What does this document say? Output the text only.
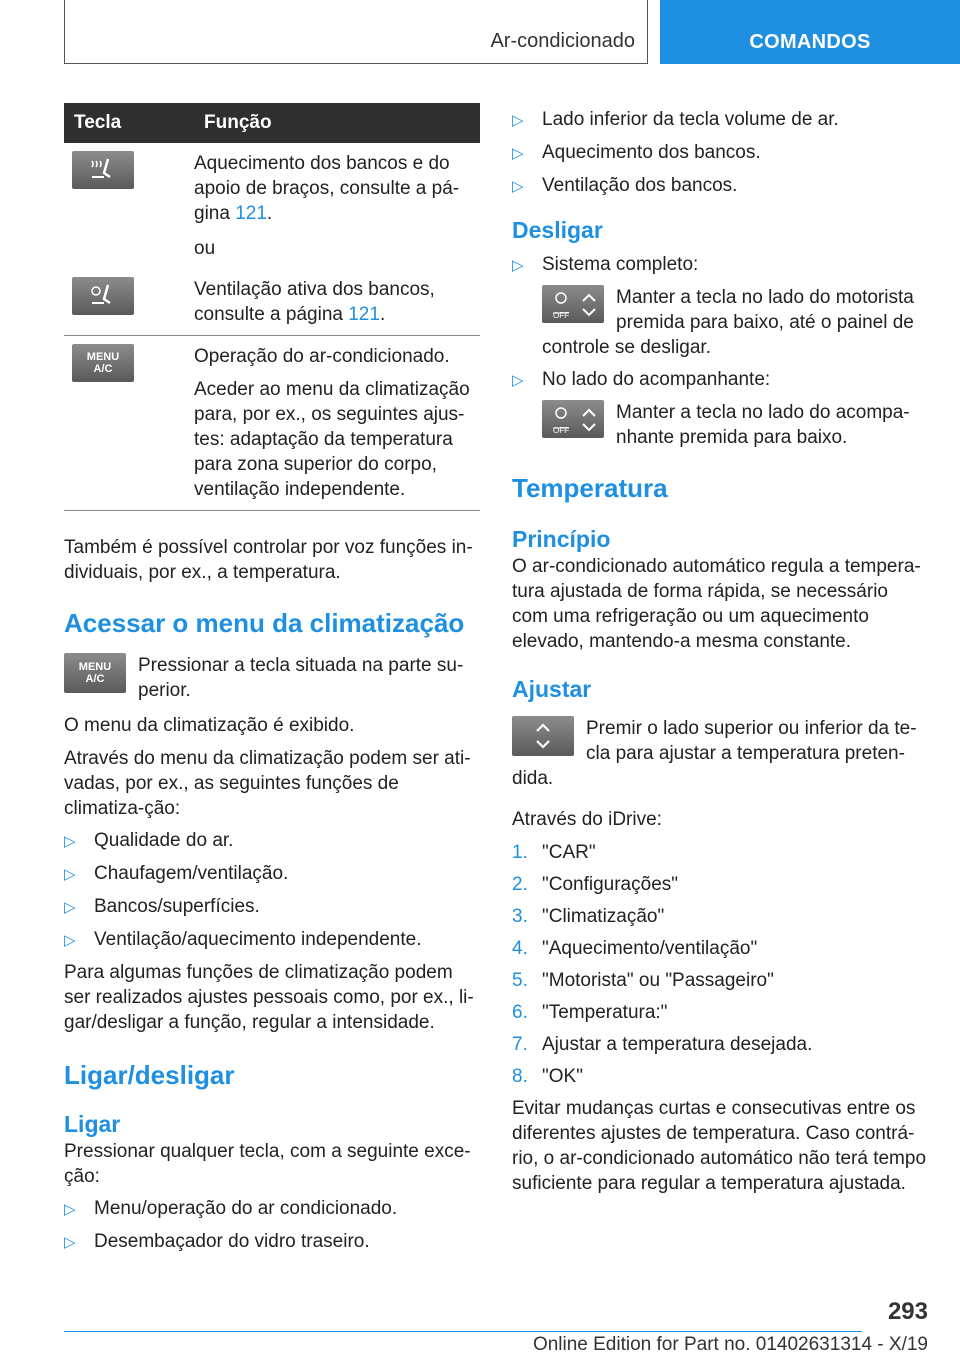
Ar-condicionado	COMANDOS
Tecla	Função

Aquecimento dos bancos e do apoio de braços, consulte a pá-gina 121.

ou

Ventilação ativa dos bancos, consulte a página 121.

MENU A/C	Operação do ar-condicionado.

Aceder ao menu da climatização para, por ex., os seguintes ajus-tes: adaptação da temperatura para zona superior do corpo, ventilação independente.

Também é possível controlar por voz funções in-dividuais, por ex., a temperatura.

Acessar o menu da climatização
MENU A/C

Pressionar a tecla situada na parte su-perior.

O menu da climatização é exibido.

Através do menu da climatização podem ser ati-vadas, por ex., as seguintes funções de climatiza-ção:

▷ Qualidade do ar.
▷ Chaufagem/ventilação.
▷ Bancos/superfícies.
▷ Ventilação/aquecimento independente.

Para algumas funções de climatização podem ser realizados ajustes pessoais como, por ex., li-gar/desligar a função, regular a intensidade.

Ligar/desligar
Ligar

Pressionar qualquer tecla, com a seguinte exce-ção:

▷ Menu/operação do ar condicionado.
▷ Desembaçador do vidro traseiro.
▷ Lado inferior da tecla volume de ar.
▷ Aquecimento dos bancos.
▷ Ventilação dos bancos.
Desligar
▷ Sistema completo:
OFF

Manter a tecla no lado do motorista premida para baixo, até o painel de controle se desligar.

▷ No lado do acompanhante:
OFF

Manter a tecla no lado do acompa-nhante premida para baixo.

Temperatura
Princípio

O ar-condicionado automático regula a tempera-tura ajustada de forma rápida, se necessário com uma refrigeração ou um aquecimento elevado, mantendo-a mesma constante.

Ajustar

Premir o lado superior ou inferior da te-cla para ajustar a temperatura preten-dida.

Através do iDrive:

1. "CAR"
2. "Configurações"
3. "Climatização"
4. "Aquecimento/ventilação"
5. "Motorista" ou "Passageiro"
6. "Temperatura:"
7. Ajustar a temperatura desejada.
8. "OK"

Evitar mudanças curtas e consecutivas entre os diferentes ajustes de temperatura. Caso contrá-rio, o ar-condicionado automático não terá tempo suficiente para regular a temperatura ajustada.

293
Online Edition for Part no. 01402631314 - X/19
